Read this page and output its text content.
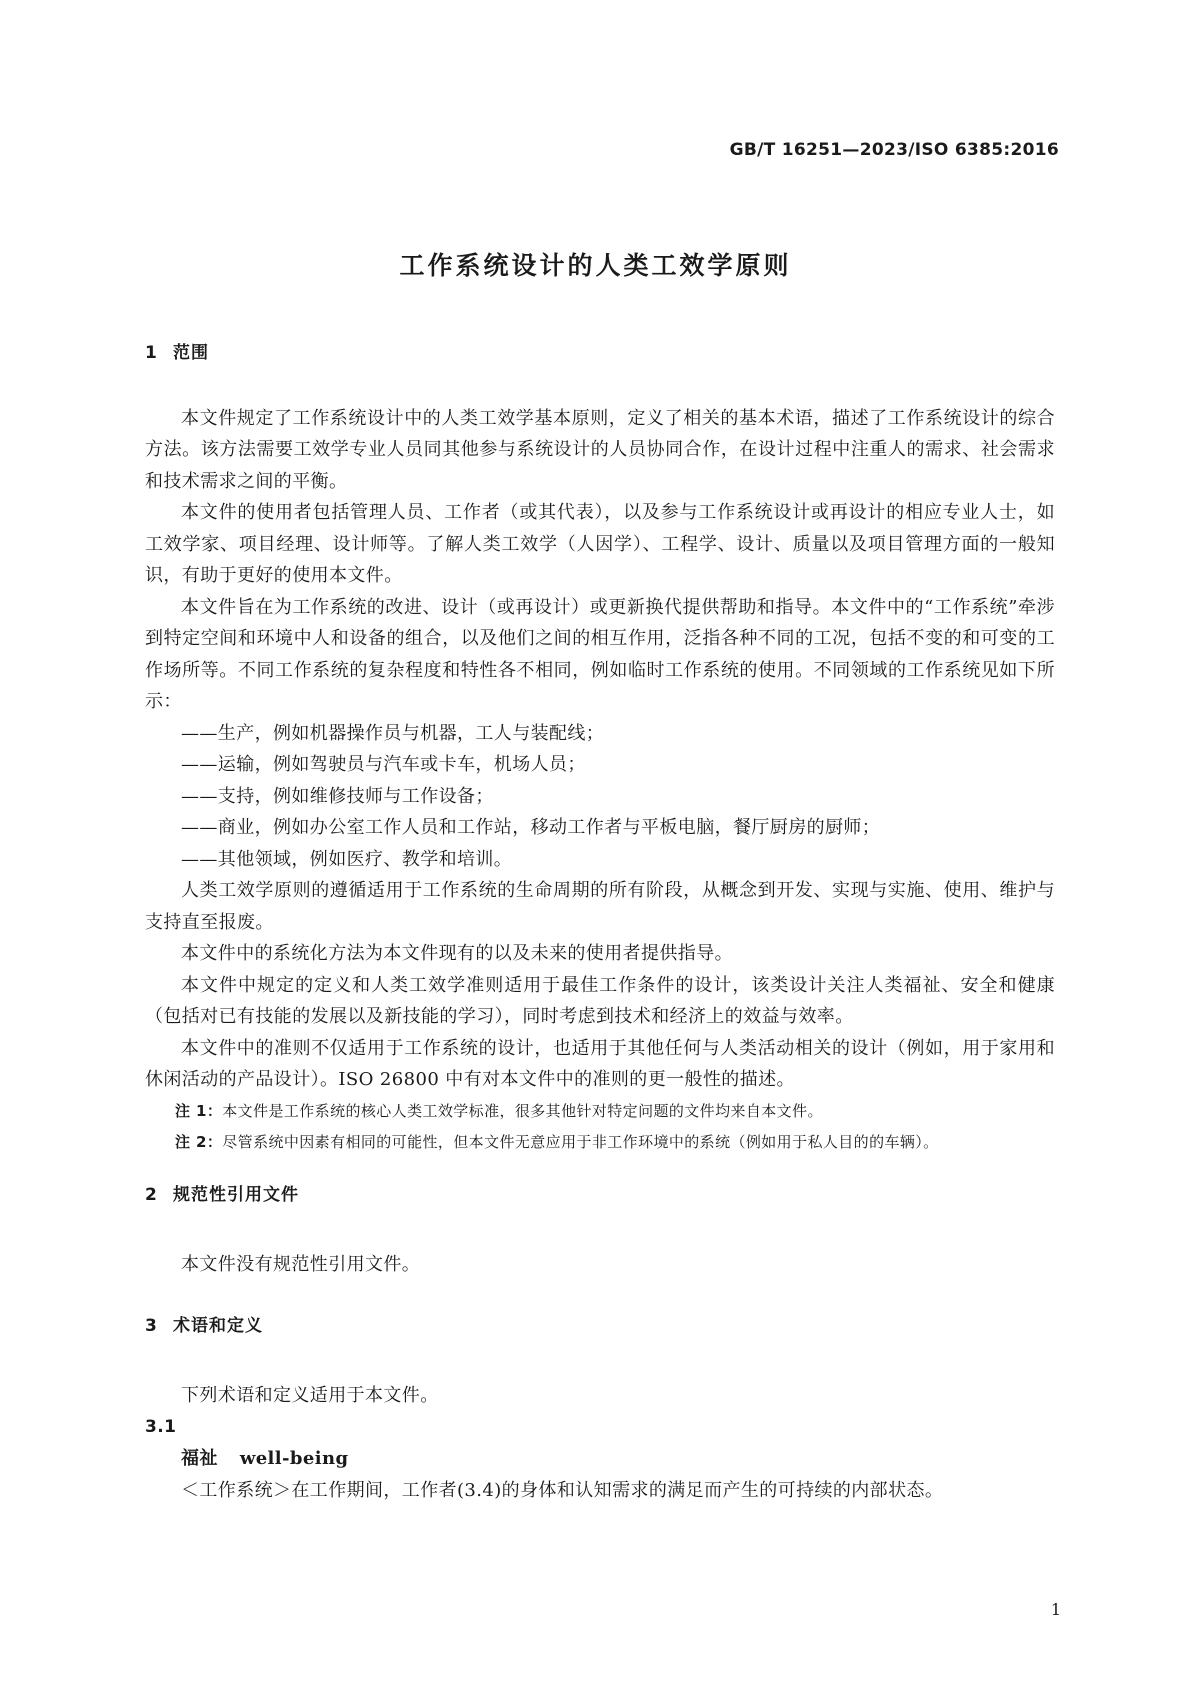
GB/T 16251—2023/ISO 6385:2016
工作系统设计的人类工效学原则
1 范围

本文件规定了工作系统设计中的人类工效学基本原则，定义了相关的基本术语，描述了工作系统设计的综合方法。该方法需要工效学专业人员同其他参与系统设计的人员协同合作，在设计过程中注重人的需求、社会需求和技术需求之间的平衡。

本文件的使用者包括管理人员、工作者（或其代表），以及参与工作系统设计或再设计的相应专业人士，如工效学家、项目经理、设计师等。了解人类工效学（人因学）、工程学、设计、质量以及项目管理方面的一般知识，有助于更好的使用本文件。

本文件旨在为工作系统的改进、设计（或再设计）或更新换代提供帮助和指导。本文件中的“工作系统”牵涉到特定空间和环境中人和设备的组合，以及他们之间的相互作用，泛指各种不同的工况，包括不变的和可变的工作场所等。不同工作系统的复杂程度和特性各不相同，例如临时工作系统的使用。不同领域的工作系统见如下所示：

——生产，例如机器操作员与机器，工人与装配线；

——运输，例如驾驶员与汽车或卡车，机场人员；

——支持，例如维修技师与工作设备；

——商业，例如办公室工作人员和工作站，移动工作者与平板电脑，餐厅厨房的厨师；

——其他领域，例如医疗、教学和培训。

人类工效学原则的遵循适用于工作系统的生命周期的所有阶段，从概念到开发、实现与实施、使用、维护与支持直至报废。

本文件中的系统化方法为本文件现有的以及未来的使用者提供指导。

本文件中规定的定义和人类工效学准则适用于最佳工作条件的设计，该类设计关注人类福祉、安全和健康（包括对已有技能的发展以及新技能的学习），同时考虑到技术和经济上的效益与效率。

本文件中的准则不仅适用于工作系统的设计，也适用于其他任何与人类活动相关的设计（例如，用于家用和休闲活动的产品设计）。ISO 26800 中有对本文件中的准则的更一般性的描述。

注 1：本文件是工作系统的核心人类工效学标准，很多其他针对特定问题的文件均来自本文件。

注 2：尽管系统中因素有相同的可能性，但本文件无意应用于非工作环境中的系统（例如用于私人目的的车辆）。

2 规范性引用文件

本文件没有规范性引用文件。

3 术语和定义

下列术语和定义适用于本文件。

3.1

福祉 well-being

＜工作系统＞在工作期间，工作者(3.4)的身体和认知需求的满足而产生的可持续的内部状态。

1
